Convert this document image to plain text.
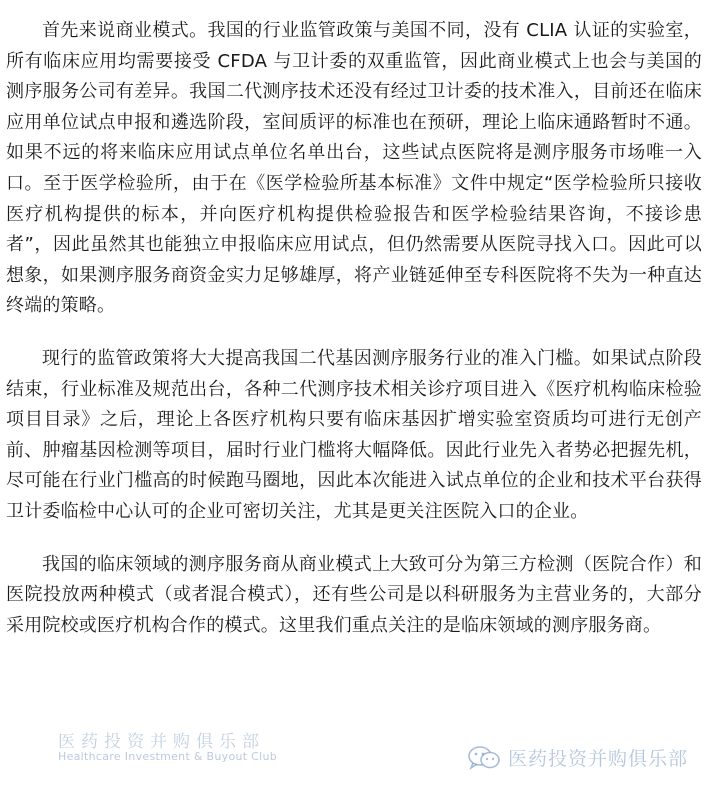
首先来说商业模式。我国的行业监管政策与美国不同，没有 CLIA 认证的实验室，所有临床应用均需要接受 CFDA 与卫计委的双重监管，因此商业模式上也会与美国的测序服务公司有差异。我国二代测序技术还没有经过卫计委的技术准入，目前还在临床应用单位试点申报和遴选阶段，室间质评的标准也在预研，理论上临床通路暂时不通。如果不远的将来临床应用试点单位名单出台，这些试点医院将是测序服务市场唯一入口。至于医学检验所，由于在《医学检验所基本标准》文件中规定“医学检验所只接收医疗机构提供的标本，并向医疗机构提供检验报告和医学检验结果咨询，不接诊患者”，因此虽然其也能独立申报临床应用试点，但仍然需要从医院寻找入口。因此可以想象，如果测序服务商资金实力足够雄厚，将产业链延伸至专科医院将不失为一种直达终端的策略。

现行的监管政策将大大提高我国二代基因测序服务行业的准入门槛。如果试点阶段结束，行业标准及规范出台，各种二代测序技术相关诊疗项目进入《医疗机构临床检验项目目录》之后，理论上各医疗机构只要有临床基因扩增实验室资质均可进行无创产前、肿瘤基因检测等项目，届时行业门槛将大幅降低。因此行业先入者势必把握先机，尽可能在行业门槛高的时候跑马圈地，因此本次能进入试点单位的企业和技术平台获得卫计委临检中心认可的企业可密切关注，尤其是更关注医院入口的企业。

我国的临床领域的测序服务商从商业模式上大致可分为第三方检测（医院合作）和医院投放两种模式（或者混合模式），还有些公司是以科研服务为主营业务的，大部分采用院校或医疗机构合作的模式。这里我们重点关注的是临床领域的测序服务商。

医药投资并购俱乐部
Healthcare Investment & Buyout Club	医药投资并购俱乐部
